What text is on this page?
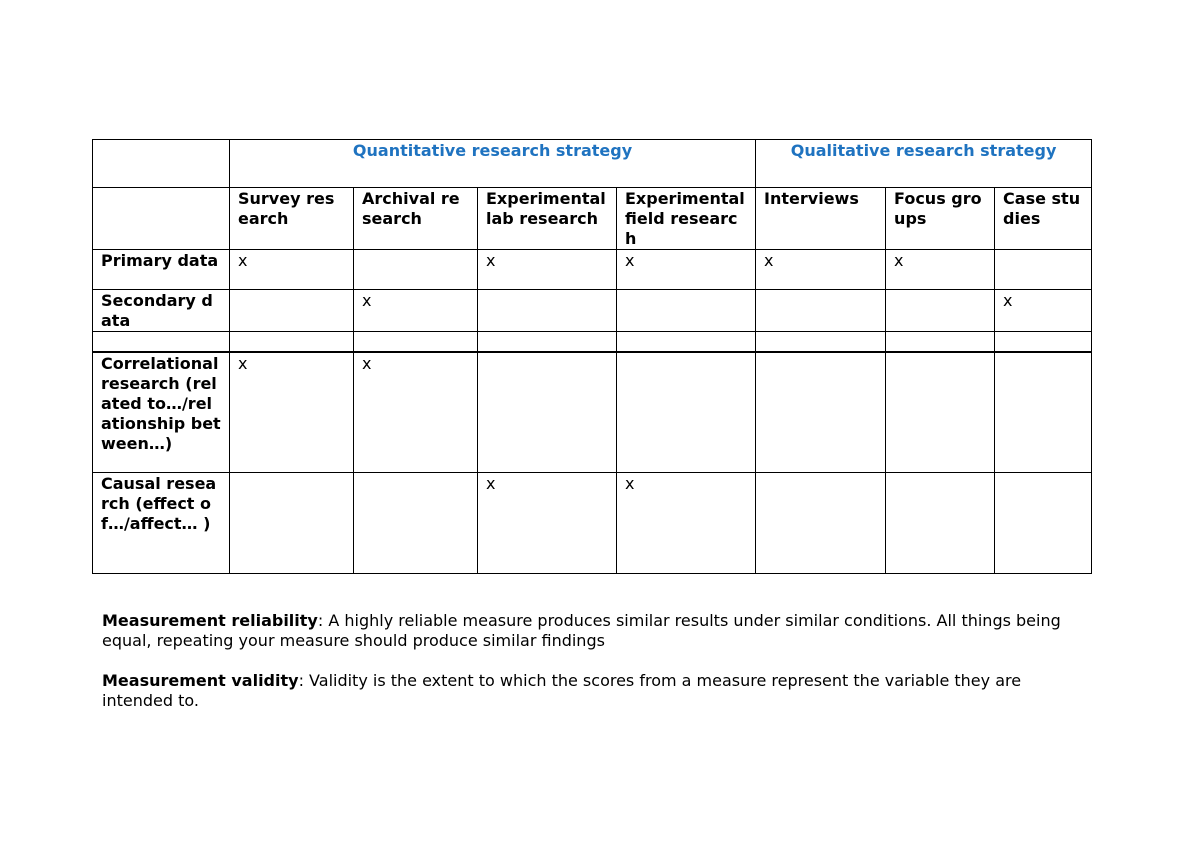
	Quantitative research strategy				Qualitative research strategy		
	Survey research	Archival research	Experimental lab research	Experimental field research	Interviews	Focus groups	Case studies
Primary data	x		x	x	x	x	
Secondary data		x					x

Correlational research (related to…/relationship between…)	x	x					
Causal research (effect of…/affect… )			x	x			

Measurement reliability: A highly reliable measure produces similar results under similar conditions. All things being equal, repeating your measure should produce similar findings

Measurement validity: Validity is the extent to which the scores from a measure represent the variable they are intended to.
